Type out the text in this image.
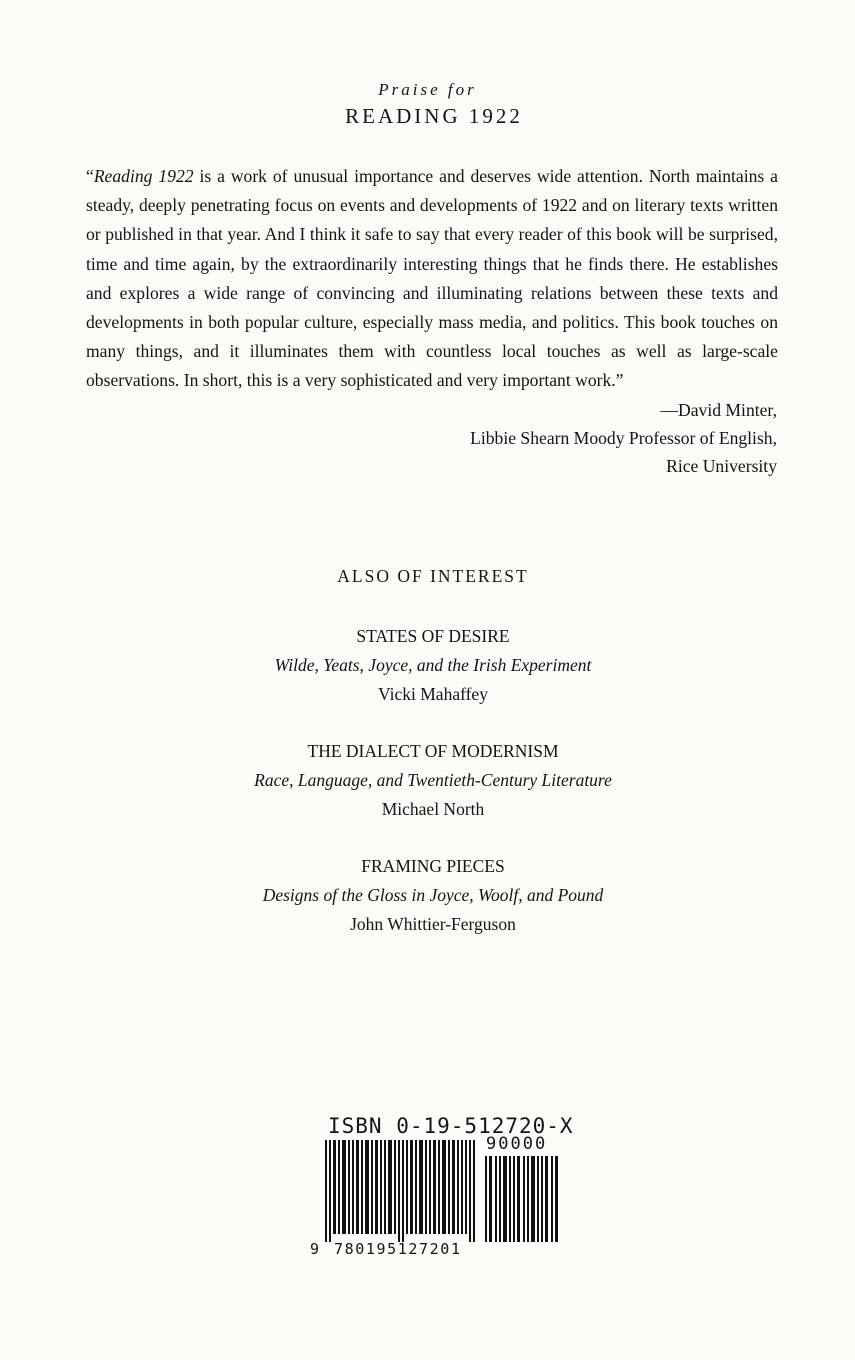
Praise for
READING 1922

“Reading 1922 is a work of unusual importance and deserves wide attention. North maintains a steady, deeply penetrating focus on events and developments of 1922 and on literary texts written or published in that year. And I think it safe to say that every reader of this book will be surprised, time and time again, by the extraordinarily interesting things that he finds there. He establishes and explores a wide range of convincing and illuminating relations between these texts and developments in both popular culture, especially mass media, and politics. This book touches on many things, and it illuminates them with countless local touches as well as large-scale observations. In short, this is a very sophisticated and very important work.”

—David Minter,
Libbie Shearn Moody Professor of English,
Rice University
ALSO OF INTEREST
STATES OF DESIRE
Wilde, Yeats, Joyce, and the Irish Experiment
Vicki Mahaffey
THE DIALECT OF MODERNISM
Race, Language, and Twentieth-Century Literature
Michael North
FRAMING PIECES
Designs of the Gloss in Joyce, Woolf, and Pound
John Whittier-Ferguson
ISBN 0-19-512720-X
90000
9 780195127201
